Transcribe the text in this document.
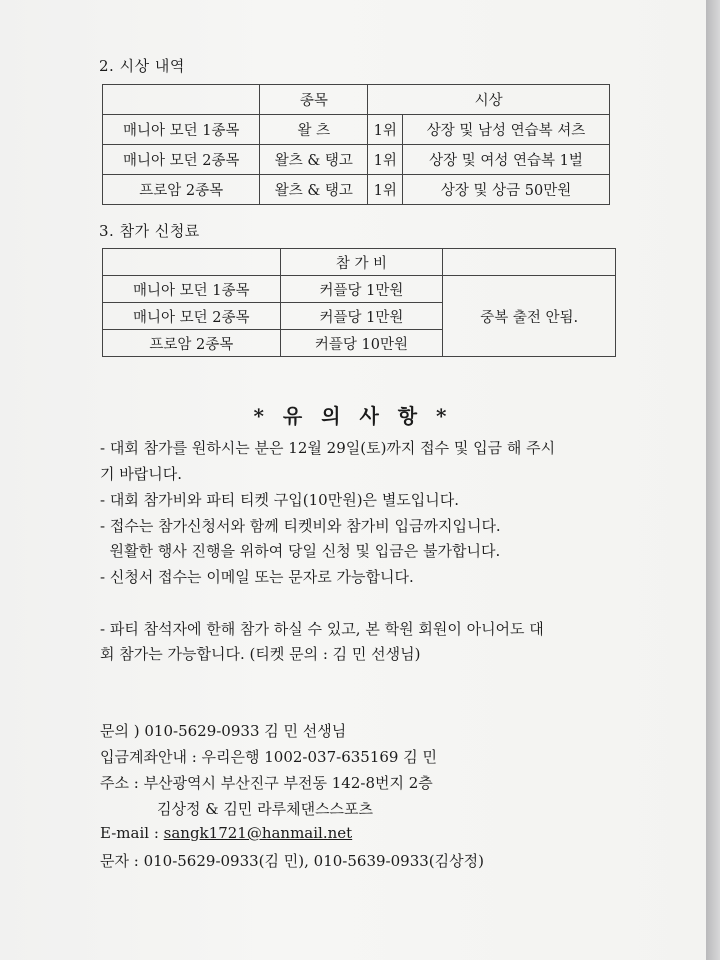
2. 시상 내역
	종목	시상	
매니아 모던 1종목	왈 츠	1위	상장 및 남성 연습복 셔츠
매니아 모던 2종목	왈츠 & 탱고	1위	상장 및 여성 연습복 1벌
프로암 2종목	왈츠 & 탱고	1위	상장 및 상금 50만원
3. 참가 신청료
	참 가 비	
매니아 모던 1종목	커플당 1만원	중복 출전 안됨.
매니아 모던 2종목	커플당 1만원	
프로암 2종목	커플당 10만원	
* 유 의 사 항 *
- 대회 참가를 원하시는 분은 12월 29일(토)까지 접수 및 입금 해 주시
기 바랍니다.
- 대회 참가비와 파티 티켓 구입(10만원)은 별도입니다.
- 접수는 참가신청서와 함께 티켓비와 참가비 입금까지입니다.
원활한 행사 진행을 위하여 당일 신청 및 입금은 불가합니다.
- 신청서 접수는 이메일 또는 문자로 가능합니다.
- 파티 참석자에 한해 참가 하실 수 있고, 본 학원 회원이 아니어도 대
회 참가는 가능합니다. (티켓 문의 : 김 민 선생님)
문의 ) 010-5629-0933 김 민 선생님
입금계좌안내 : 우리은행 1002-037-635169 김 민
주소 : 부산광역시 부산진구 부전동 142-8번지 2층
김상정 & 김민 라루체댄스스포츠
E-mail : sangk1721@hanmail.net
문자 : 010-5629-0933(김 민), 010-5639-0933(김상정)
